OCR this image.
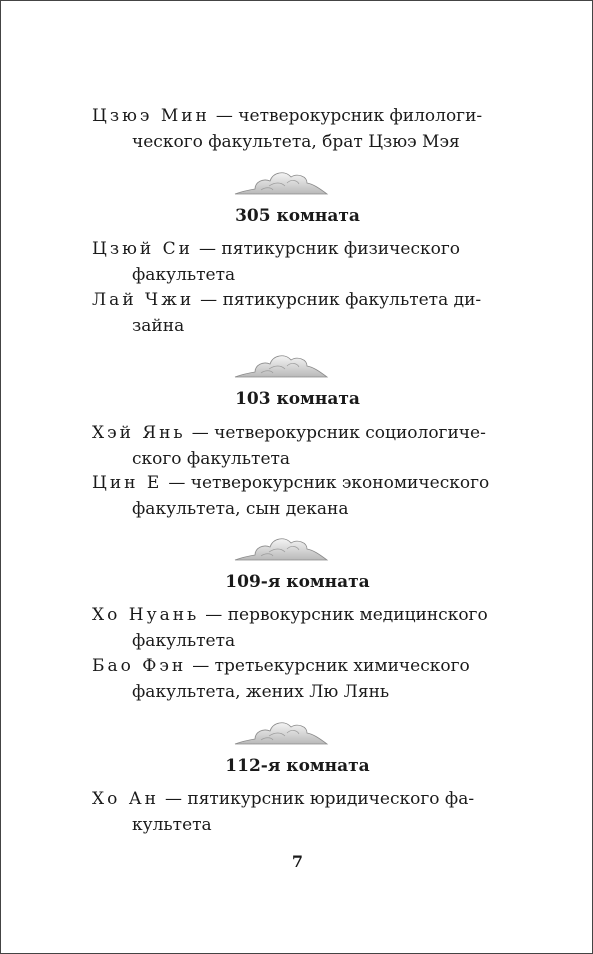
Цзюэ Мин — четверокурсник филологи-
ческого факультета, брат Цзюэ Мэя
305 комната
Цзюй Си — пятикурсник физического
факультета
Лай Чжи — пятикурсник факультета ди-
зайна
103 комната
Хэй Янь — четверокурсник социологиче-
ского факультета
Цин Е — четверокурсник экономического
факультета, сын декана
109-я комната
Хо Нуань — первокурсник медицинского
факультета
Бао Фэн — третьекурсник химического
факультета, жених Лю Лянь
112-я комната
Хо Ан — пятикурсник юридического фа-
культета
7
